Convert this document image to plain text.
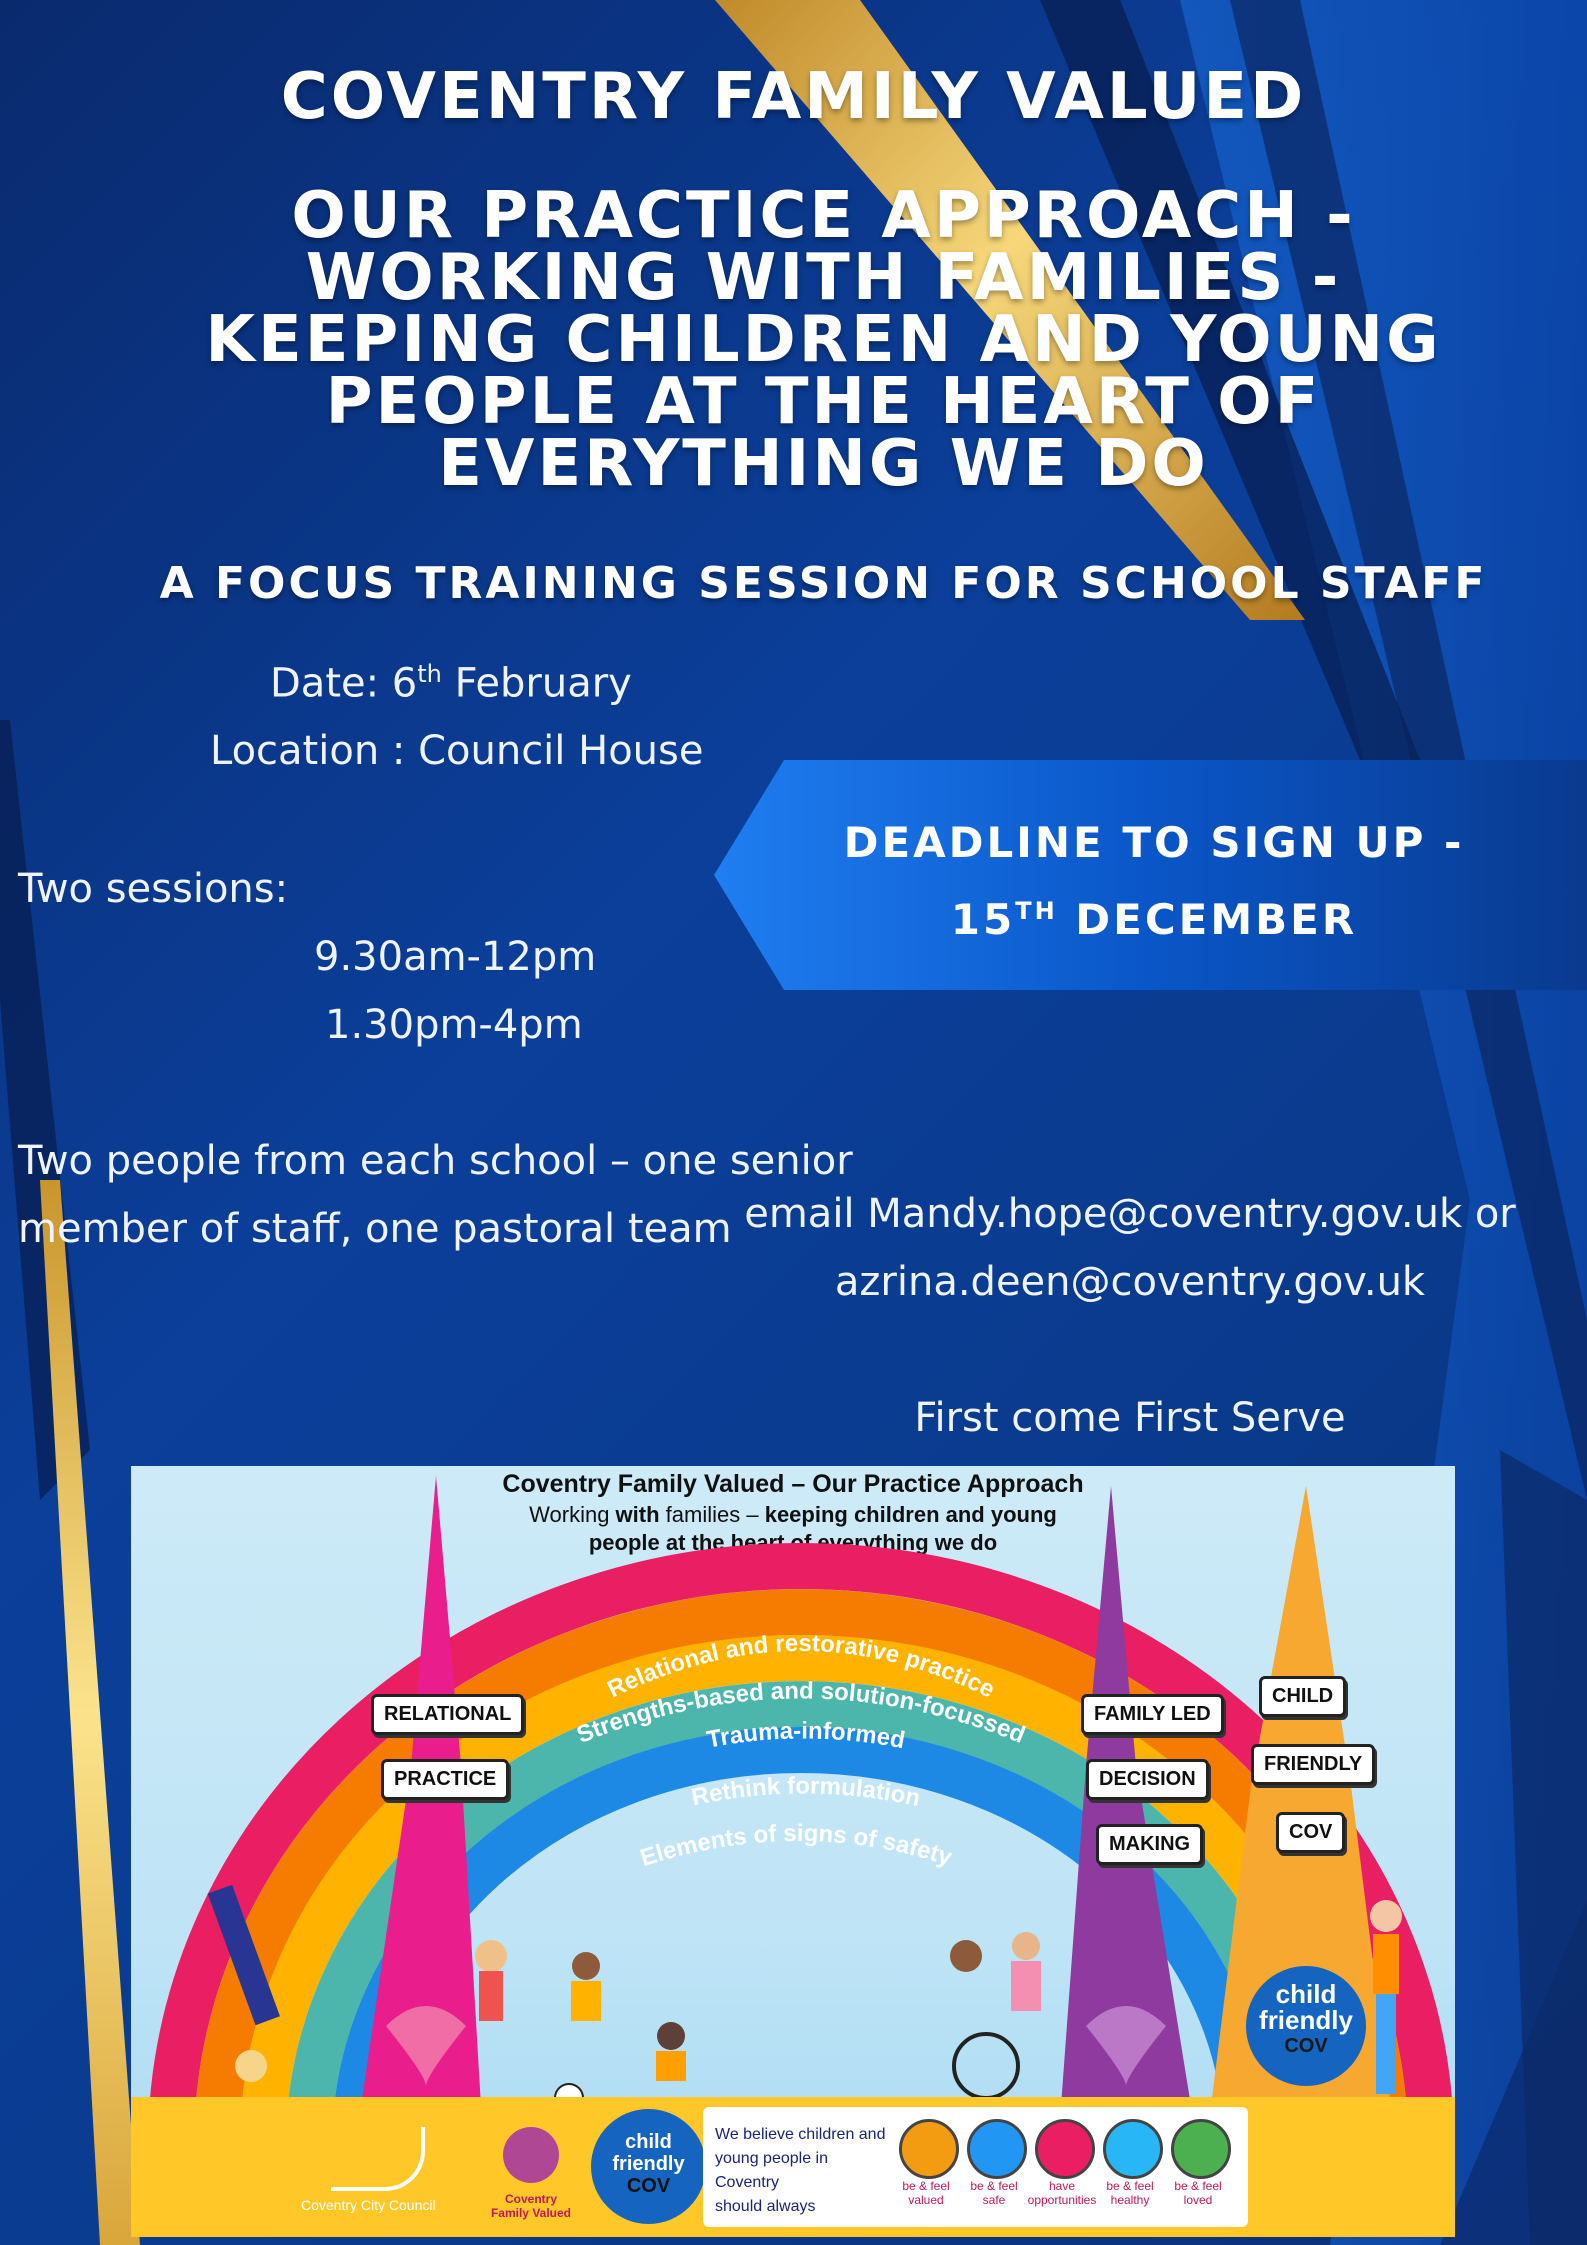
COVENTRY FAMILY VALUED
OUR PRACTICE APPROACH -
WORKING WITH FAMILIES -
KEEPING CHILDREN AND YOUNG
PEOPLE AT THE HEART OF
EVERYTHING WE DO
A FOCUS TRAINING SESSION FOR SCHOOL STAFF
Date: 6th February
Location : Council House
Two sessions:
9.30am-12pm
1.30pm-4pm
Two people from each school – one senior
member of staff, one pastoral team
DEADLINE TO SIGN UP -
15TH DECEMBER
email Mandy.hope@coventry.gov.uk or
azrina.deen@coventry.gov.uk
First come First Serve
Coventry Family Valued – Our Practice Approach
Working with families – keeping children and young
people at the heart of everything we do
Relational and restorative practice
Strengths-based and solution-focussed
Trauma-informed
Rethink formulation
Elements of signs of safety
RELATIONAL
PRACTICE
FAMILY LED
DECISION
MAKING
CHILD
FRIENDLY
COV
child
friendly
COV
Coventry City Council	Coventry
Family Valued
child
friendly
COV
We believe children and
young people in Coventry
should always
be & feel
valued
be & feel
safe
have
opportunities
be & feel
healthy
be & feel
loved
